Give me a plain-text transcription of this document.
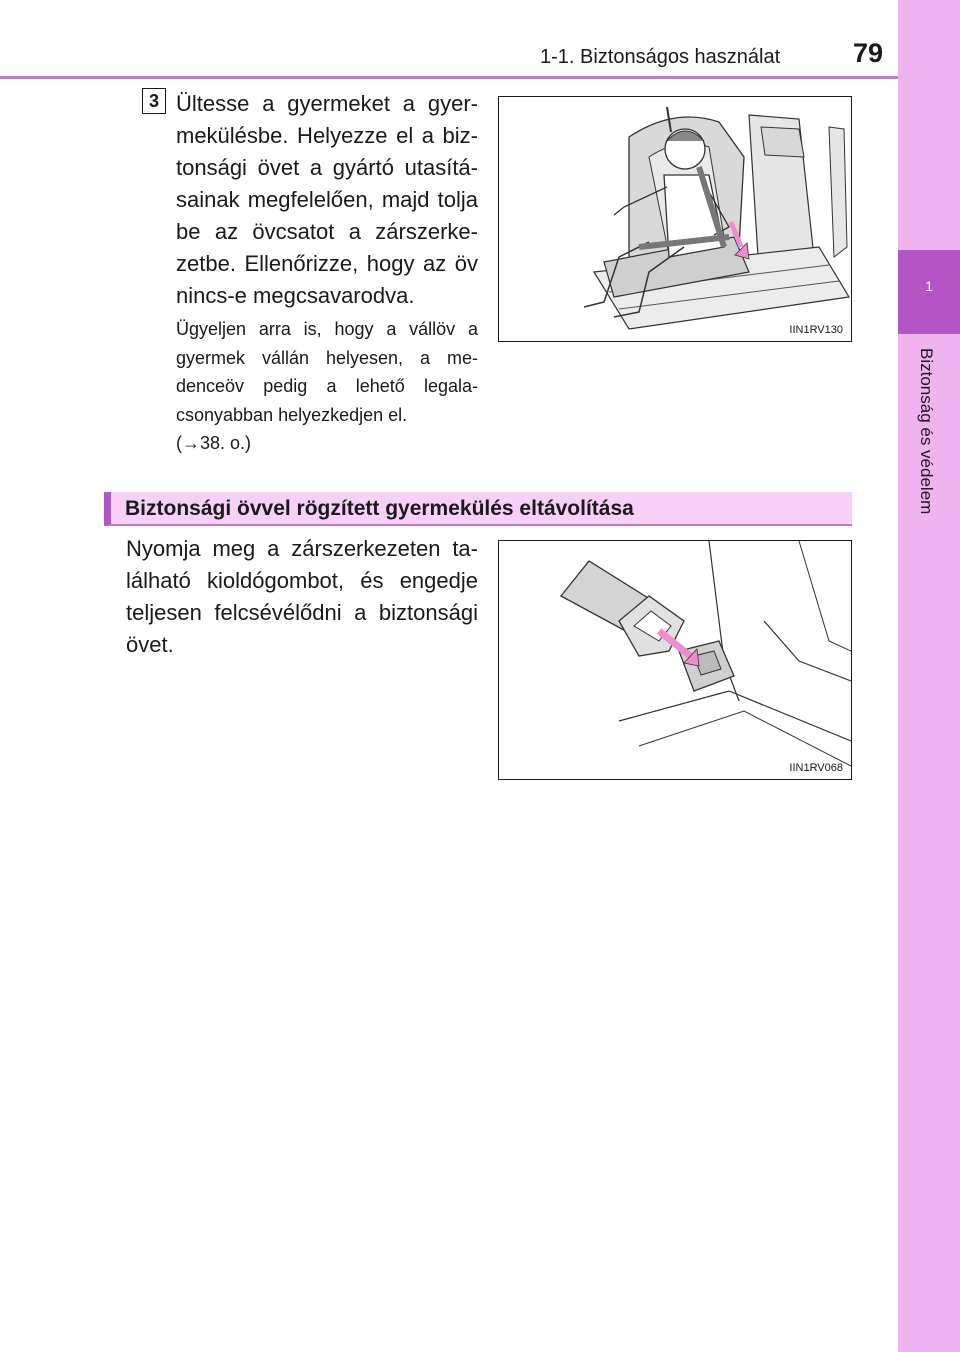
1-1. Biztonságos használat	79
1
Biztonság és védelem
3 Ültesse a gyermeket a gyer-mekülésbe. Helyezze el a biz-tonsági övet a gyártó utasítá-sainak megfelelően, majd tolja be az övcsatot a zárszerke-zetbe. Ellenőrizze, hogy az öv nincs-e megcsavarodva.
Ügyeljen arra is, hogy a vállöv a gyermek vállán helyesen, a me-denceöv pedig a lehető legala-csonyabban helyezkedjen el.
(→38. o.)
IIN1RV130
Biztonsági övvel rögzített gyermekülés eltávolítása
Nyomja meg a zárszerkezeten ta-lálható kioldógombot, és engedje teljesen felcsévélődni a biztonsági övet.
IIN1RV068
